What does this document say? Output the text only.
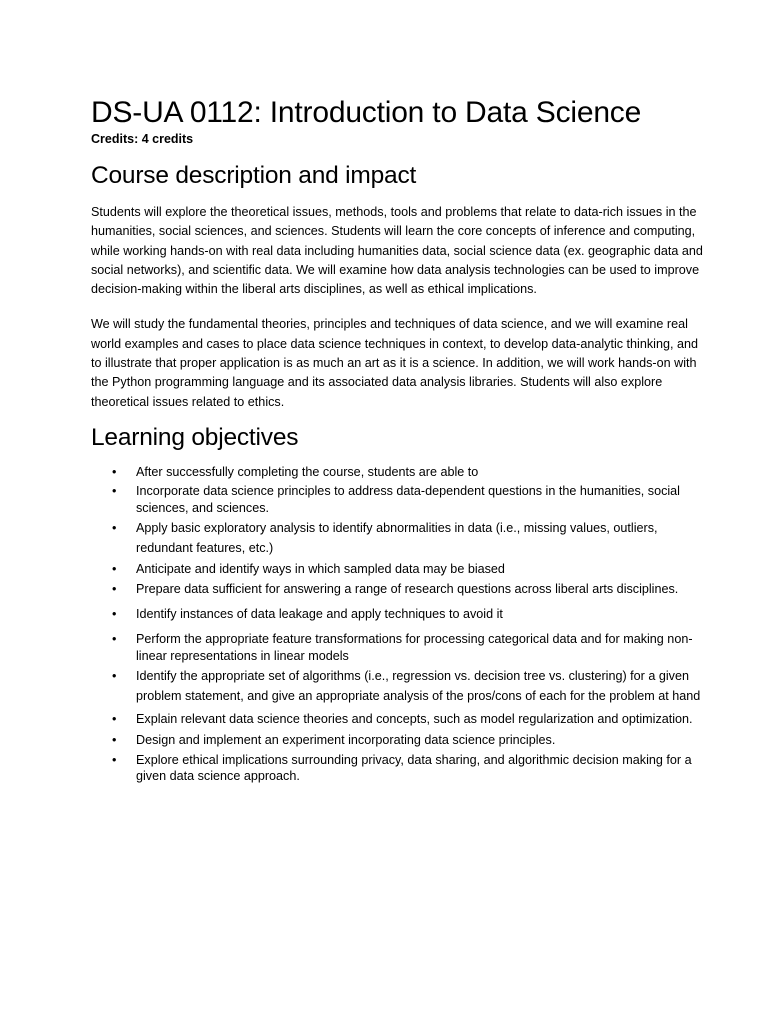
DS-UA 0112: Introduction to Data Science
Credits: 4 credits
Course description and impact

Students will explore the theoretical issues, methods, tools and problems that relate to data-rich issues in the humanities, social sciences, and sciences. Students will learn the core concepts of inference and computing, while working hands-on with real data including humanities data, social science data (ex. geographic data and social networks), and scientific data. We will examine how data analysis technologies can be used to improve decision-making within the liberal arts disciplines, as well as ethical implications.

We will study the fundamental theories, principles and techniques of data science, and we will examine real world examples and cases to place data science techniques in context, to develop data-analytic thinking, and to illustrate that proper application is as much an art as it is a science. In addition, we will work hands-on with the Python programming language and its associated data analysis libraries. Students will also explore theoretical issues related to ethics.

Learning objectives
• After successfully completing the course, students are able to
• Incorporate data science principles to address data-dependent questions in the humanities, social sciences, and sciences.
• Apply basic exploratory analysis to identify abnormalities in data (i.e., missing values, outliers, redundant features, etc.)
• Anticipate and identify ways in which sampled data may be biased
• Prepare data sufficient for answering a range of research questions across liberal arts disciplines.
• Identify instances of data leakage and apply techniques to avoid it
• Perform the appropriate feature transformations for processing categorical data and for making non-linear representations in linear models
• Identify the appropriate set of algorithms (i.e., regression vs. decision tree vs. clustering) for a given problem statement, and give an appropriate analysis of the pros/cons of each for the problem at hand
• Explain relevant data science theories and concepts, such as model regularization and optimization.
• Design and implement an experiment incorporating data science principles.
• Explore ethical implications surrounding privacy, data sharing, and algorithmic decision making for a given data science approach.
